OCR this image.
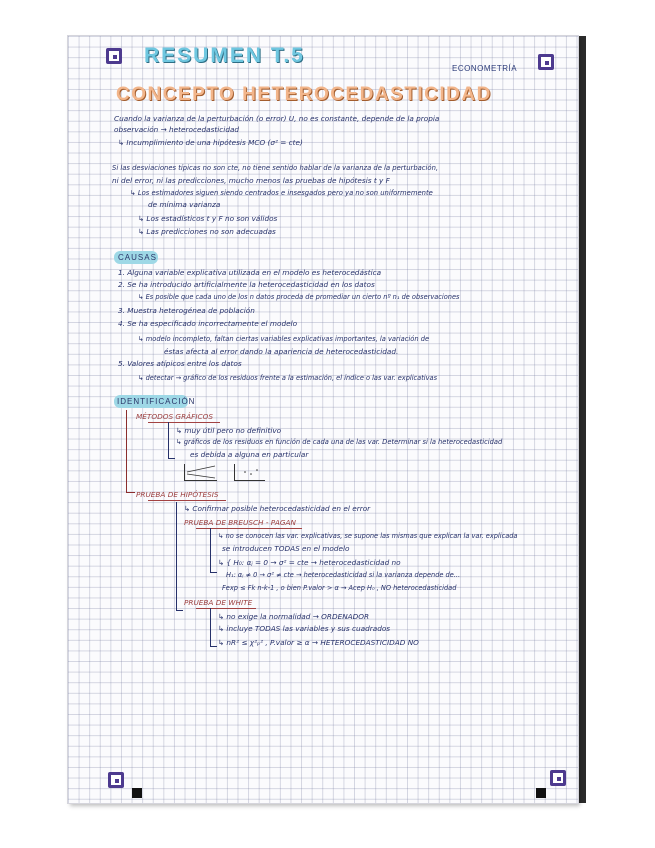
RESUMEN T.5
ECONOMETRÍA
CONCEPTO HETEROCEDASTICIDAD
Cuando la varianza de la perturbación (o error) U, no es constante, depende de la propia
observación → heterocedasticidad
↳ Incumplimiento de una hipótesis MCO (σ² = cte)
Si las desviaciones típicas no son cte, no tiene sentido hablar de la varianza de la perturbación,
ni del error, ni las predicciones, mucho menos las pruebas de hipótesis t y F
↳ Los estimadores siguen siendo centrados e insesgados pero ya no son uniformemente
de mínima varianza
↳ Los estadísticos t y F no son válidos
↳ Las predicciones no son adecuadas
CAUSAS
1. Alguna variable explicativa utilizada en el modelo es heterocedástica
2. Se ha introducido artificialmente la heterocedasticidad en los datos
↳ Es posible que cada uno de los n datos proceda de promediar un cierto nº n₁ de observaciones
3. Muestra heterogénea de población
4. Se ha especificado incorrectamente el modelo
↳ modelo incompleto, faltan ciertas variables explicativas importantes, la variación de
éstas afecta al error dando la apariencia de heterocedasticidad.
5. Valores atípicos entre los datos
↳ detectar → gráfico de los residuos frente a la estimación, el índice o las var. explicativas
IDENTIFICACIÓN
MÉTODOS GRÁFICOS
↳ muy útil pero no definitivo
↳ gráficos de los residuos en función de cada una de las var. Determinar si la heterocedasticidad
es debida a alguna en particular
PRUEBA DE HIPÓTESIS
↳ Confirmar posible heterocedasticidad en el error
PRUEBA DE BREUSCH - PAGAN
↳ no se conocen las var. explicativas, se supone las mismas que explican la var. explicada
se introducen TODAS en el modelo
↳ { H₀: αⱼ = 0 → σ² = cte → heterocedasticidad no
H₁: αⱼ ≠ 0 → σ² ≠ cte → heterocedasticidad si la varianza depende de...
Fexp ≤ Fk n-k-1 , o bien P.valor > α → Acep H₀ , NO heterocedasticidad
PRUEBA DE WHITE
↳ no exige la normalidad → ORDENADOR
↳ incluye TODAS las variables y sus cuadrados
↳ nR² ≤ χ²ₚ² , P.valor ≥ α → HETEROCEDASTICIDAD NO
